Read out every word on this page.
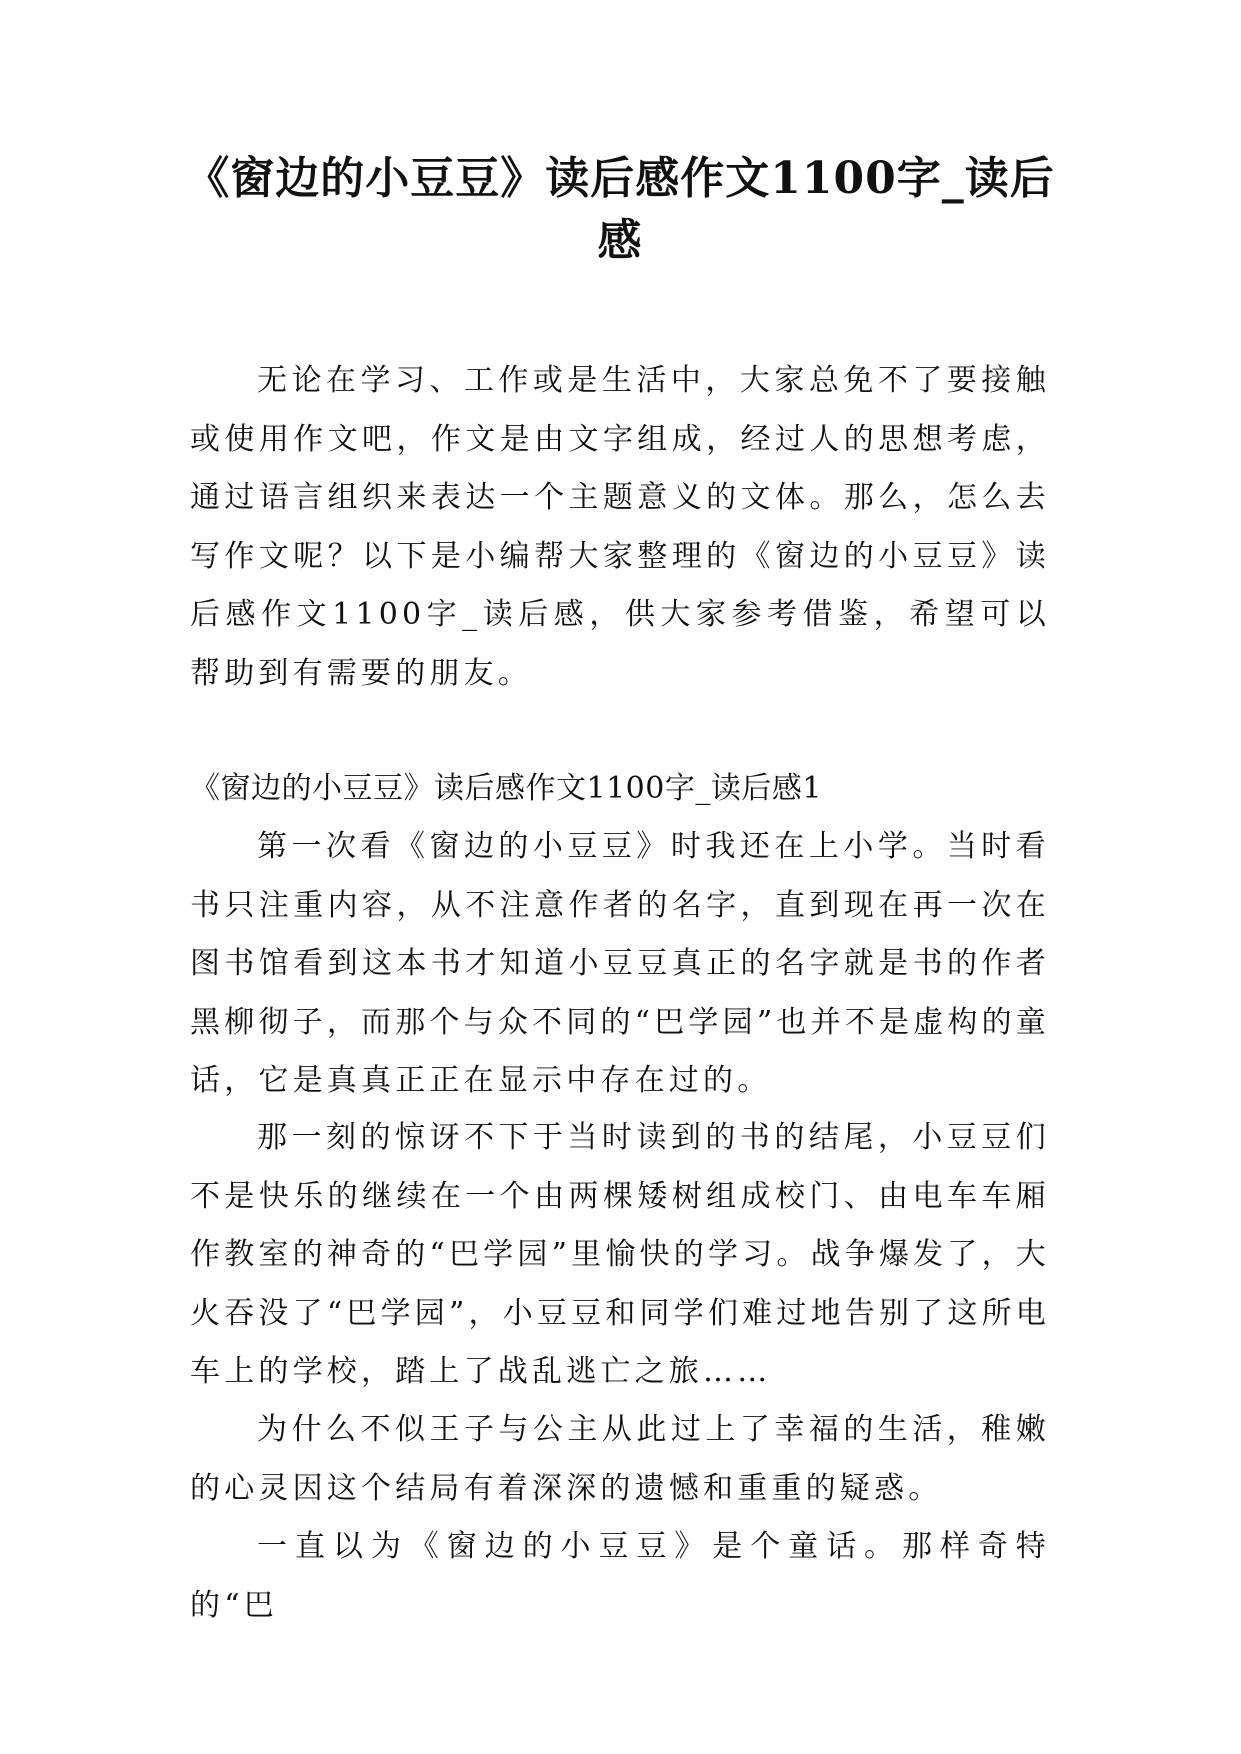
《窗边的小豆豆》读后感作文1100字_读后感

无论在学习、工作或是生活中，大家总免不了要接触或使用作文吧，作文是由文字组成，经过人的思想考虑，通过语言组织来表达一个主题意义的文体。那么，怎么去写作文呢？以下是小编帮大家整理的《窗边的小豆豆》读后感作文1100字_读后感，供大家参考借鉴，希望可以帮助到有需要的朋友。

《窗边的小豆豆》读后感作文1100字_读后感1

第一次看《窗边的小豆豆》时我还在上小学。当时看书只注重内容，从不注意作者的名字，直到现在再一次在图书馆看到这本书才知道小豆豆真正的名字就是书的作者黑柳彻子，而那个与众不同的“巴学园”也并不是虚构的童话，它是真真正正在显示中存在过的。

那一刻的惊讶不下于当时读到的书的结尾，小豆豆们不是快乐的继续在一个由两棵矮树组成校门、由电车车厢作教室的神奇的“巴学园”里愉快的学习。战争爆发了，大火吞没了“巴学园”，小豆豆和同学们难过地告别了这所电车上的学校，踏上了战乱逃亡之旅……

为什么不似王子与公主从此过上了幸福的生活，稚嫩的心灵因这个结局有着深深的遗憾和重重的疑惑。

一直以为《窗边的小豆豆》是个童话。那样奇特的“巴
